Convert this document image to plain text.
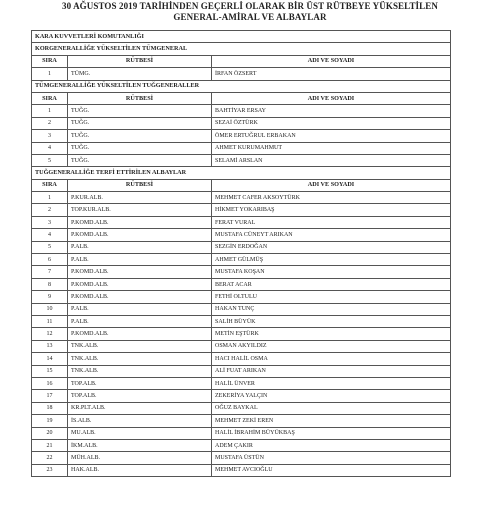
30 AĞUSTOS 2019 TARİHİNDEN GEÇERLİ OLARAK BİR ÜST RÜTBEYE YÜKSELTİLEN
GENERAL-AMİRAL VE ALBAYLAR
KARA KUVVETLERİ KOMUTANLIĞI		
KORGENERALLİĞE YÜKSELTİLEN TÜMGENERAL		
SIRA	RÜTBESİ	ADI VE SOYADI
1	TÜMG.	İRFAN ÖZSERT
TÜMGENERALLİĞE YÜKSELTİLEN TUĞGENERALLER		
SIRA	RÜTBESİ	ADI VE SOYADI
1	TUĞG.	BAHTİYAR ERSAY
2	TUĞG.	SEZAİ ÖZTÜRK
3	TUĞG.	ÖMER ERTUĞRUL ERBAKAN
4	TUĞG.	AHMET KURUMAHMUT
5	TUĞG.	SELAMİ ARSLAN
TUĞGENERALLİĞE TERFİ ETTİRİLEN ALBAYLAR		
SIRA	RÜTBESİ	ADI VE SOYADI
1	P.KUR.ALB.	MEHMET CAFER AKSOYTÜRK
2	TOP.KUR.ALB.	HİKMET YOKARIBAŞ
3	P.KOMD.ALB.	FERAT VURAL
4	P.KOMD.ALB.	MUSTAFA CÜNEYT ARIKAN
5	P.ALB.	SEZGİN ERDOĞAN
6	P.ALB.	AHMET GÜLMÜŞ
7	P.KOMD.ALB.	MUSTAFA KOŞAN
8	P.KOMD.ALB.	BERAT ACAR
9	P.KOMD.ALB.	FETHİ OLTULU
10	P.ALB.	HAKAN TUNÇ
11	P.ALB.	SALİH BÜYÜK
12	P.KOMD.ALB.	METİN EŞTÜRK
13	TNK.ALB.	OSMAN AKYILDIZ
14	TNK.ALB.	HACI HALİL OSMA
15	TNK.ALB.	ALİ FUAT ARIKAN
16	TOP.ALB.	HALİL ÜNVER
17	TOP.ALB.	ZEKERİYA YALÇIN
18	KR.PLT.ALB.	OĞUZ BAYKAL
19	İS.ALB.	MEHMET ZEKİ EREN
20	MU.ALB.	HALİL İBRAHİM BÜYÜKBAŞ
21	İKM.ALB.	ADEM ÇAKIR
22	MÜH.ALB.	MUSTAFA ÜSTÜN
23	HAK.ALB.	MEHMET AVCIOĞLU
